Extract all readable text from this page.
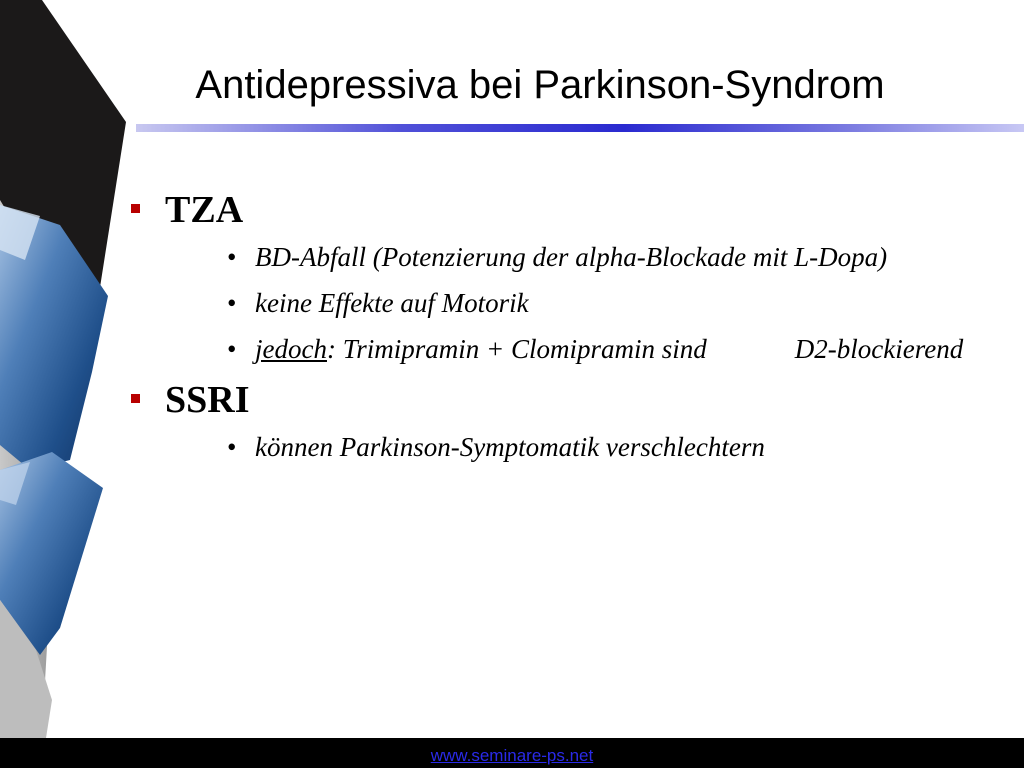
Antidepressiva bei Parkinson-Syndrom
TZA
• BD-Abfall (Potenzierung der alpha-Blockade mit L-Dopa)
• keine Effekte auf Motorik
• jedoch: Trimipramin + Clomipramin sind	D2-blockierend
SSRI
• können Parkinson-Symptomatik verschlechtern
www.seminare-ps.net
